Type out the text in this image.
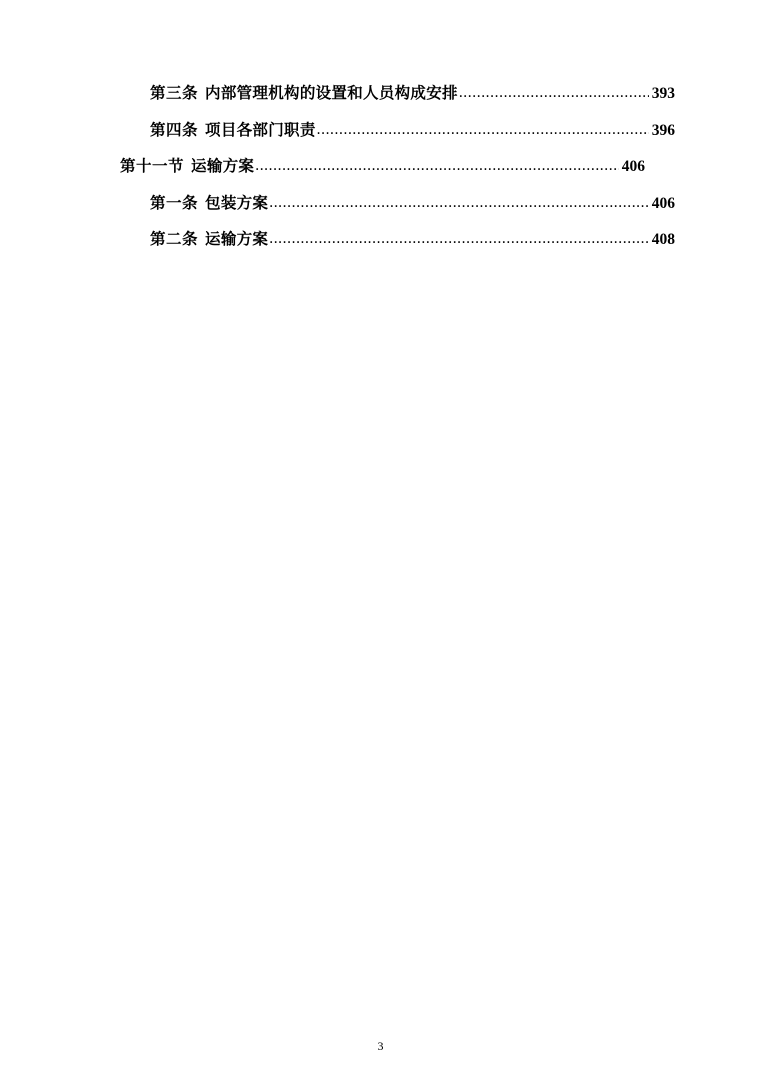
第三条 内部管理机构的设置和人员构成安排 .....	393
第四条 项目各部门职责 .....	396
第十一节 运输方案 .....	406
第一条 包装方案 .....	406
第二条 运输方案 .....	408
3
